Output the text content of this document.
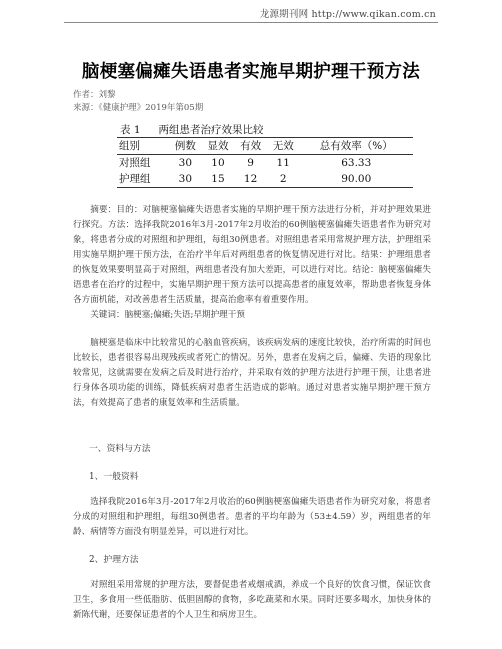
龙源期刊网 http://www.qikan.com.cn
脑梗塞偏瘫失语患者实施早期护理干预方法
作者：刘黎
来源：《健康护理》2019年第05期
表 1 两组患者治疗效果比较
组别	例数	显效	有效	无效	总有效率（%）
对照组	30	10	9	11	63.33
护理组	30	15	12	2	90.00

摘要：目的：对脑梗塞偏瘫失语患者实施的早期护理干预方法进行分析，并对护理效果进行探究。方法：选择我院2016年3月-2017年2月收治的60例脑梗塞偏瘫失语患者作为研究对象，将患者分成的对照组和护理组，每组30例患者。对照组患者采用常规护理方法，护理组采用实施早期护理干预方法，在治疗半年后对两组患者的恢复情况进行对比。结果：护理组患者的恢复效果要明显高于对照组，两组患者没有加大差距，可以进行对比。结论：脑梗塞偏瘫失语患者在治疗的过程中，实施早期护理干预方法可以提高患者的康复效率，帮助患者恢复身体各方面机能，对改善患者生活质量，提高治愈率有着重要作用。

关键词：脑梗塞;偏瘫;失语;早期护理干预

脑梗塞是临床中比较常见的心脑血管疾病，该疾病发病的速度比较快，治疗所需的时间也比较长，患者很容易出现残疾或者死亡的情况。另外，患者在发病之后，偏瘫、失语的现象比较常见，这就需要在发病之后及时进行治疗，并采取有效的护理方法进行护理干预，让患者进行身体各项功能的训练，降低疾病对患者生活造成的影响。通过对患者实施早期护理干预方法，有效提高了患者的康复效率和生活质量。

一、资料与方法

1、一般资料

选择我院2016年3月-2017年2月收治的60例脑梗塞偏瘫失语患者作为研究对象，将患者分成的对照组和护理组，每组30例患者。患者的平均年龄为（53±4.59）岁，两组患者的年龄、病情等方面没有明显差异，可以进行对比。

2、护理方法

对照组采用常规的护理方法，要督促患者戒烟戒酒，养成一个良好的饮食习惯，保证饮食卫生，多食用一些低脂肪、低胆固醇的食物，多吃蔬菜和水果。同时还要多喝水，加快身体的新陈代谢，还要保证患者的个人卫生和病房卫生。
